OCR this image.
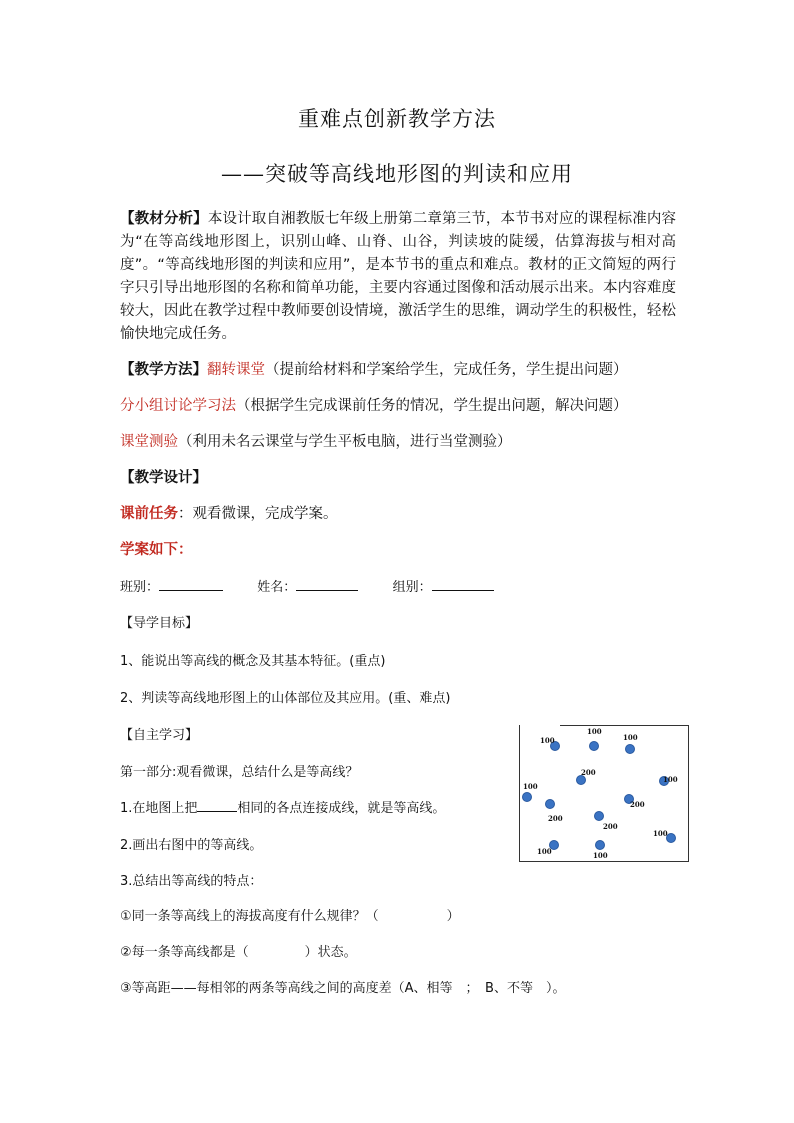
重难点创新教学方法
——突破等高线地形图的判读和应用
【教材分析】本设计取自湘教版七年级上册第二章第三节，本节书对应的课程标准内容为“在等高线地形图上，识别山峰、山脊、山谷，判读坡的陡缓，估算海拔与相对高度”。“等高线地形图的判读和应用”，是本节书的重点和难点。教材的正文简短的两行字只引导出地形图的名称和简单功能，主要内容通过图像和活动展示出来。本内容难度较大，因此在教学过程中教师要创设情境，激活学生的思维，调动学生的积极性，轻松愉快地完成任务。
【教学方法】翻转课堂（提前给材料和学案给学生，完成任务，学生提出问题）
分小组讨论学习法（根据学生完成课前任务的情况，学生提出问题，解决问题）
课堂测验（利用未名云课堂与学生平板电脑，进行当堂测验）
【教学设计】
课前任务：观看微课，完成学案。
学案如下：
班别：	姓名：	组别：
【导学目标】
1、能说出等高线的概念及其基本特征。(重点)
2、判读等高线地形图上的山体部位及其应用。(重、难点)
【自主学习】
第一部分:观看微课，总结什么是等高线？
1.在地图上把	相同的各点连接成线，就是等高线。
2.画出右图中的等高线。
3.总结出等高线的特点：
①同一条等高线上的海拔高度有什么规律？（	）
②每一条等高线都是（	）状态。
③等高距——每相邻的两条等高线之间的高度差（A、相等　；　B、不等　）。
100
100
100
200
100
100
200
200
200
100
100	100
